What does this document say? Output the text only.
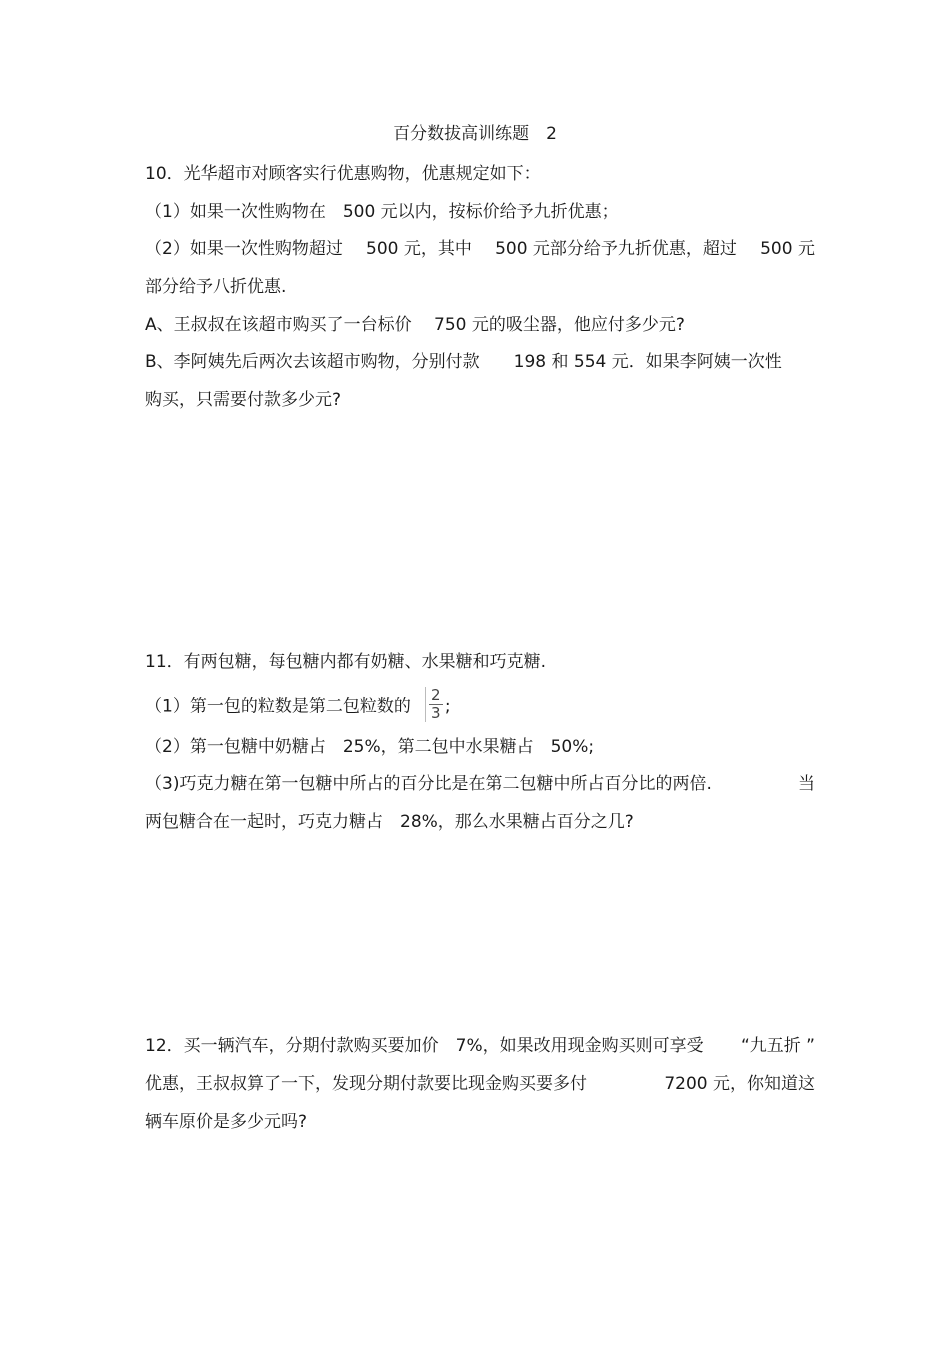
百分数拔高训练题　2
10．光华超市对顾客实行优惠购物，优惠规定如下：
（1）如果一次性购物在　500 元以内，按标价给予九折优惠；
（2）如果一次性购物超过 500 元，其中 500 元部分给予九折优惠，超过 500 元
部分给予八折优惠.
A、王叔叔在该超市购买了一台标价　 750 元的吸尘器，他应付多少元?
B、李阿姨先后两次去该超市购物，分别付款　　198 和 554 元．如果李阿姨一次性
购买，只需要付款多少元?
11．有两包糖，每包糖内都有奶糖、水果糖和巧克糖.
（1）第一包的粒数是第二包粒数的 $\frac{2}{3}$ ;
（2）第一包糖中奶糖占　25%，第二包中水果糖占　50%;
（3)巧克力糖在第一包糖中所占的百分比是在第二包糖中所占百分比的两倍.	当
两包糖合在一起时，巧克力糖占　28%，那么水果糖占百分之几?
12．买一辆汽车，分期付款购买要加价　7%，如果改用现金购买则可享受 “九五折 ”
优惠，王叔叔算了一下，发现分期付款要比现金购买要多付	7200 元，你知道这
辆车原价是多少元吗?
